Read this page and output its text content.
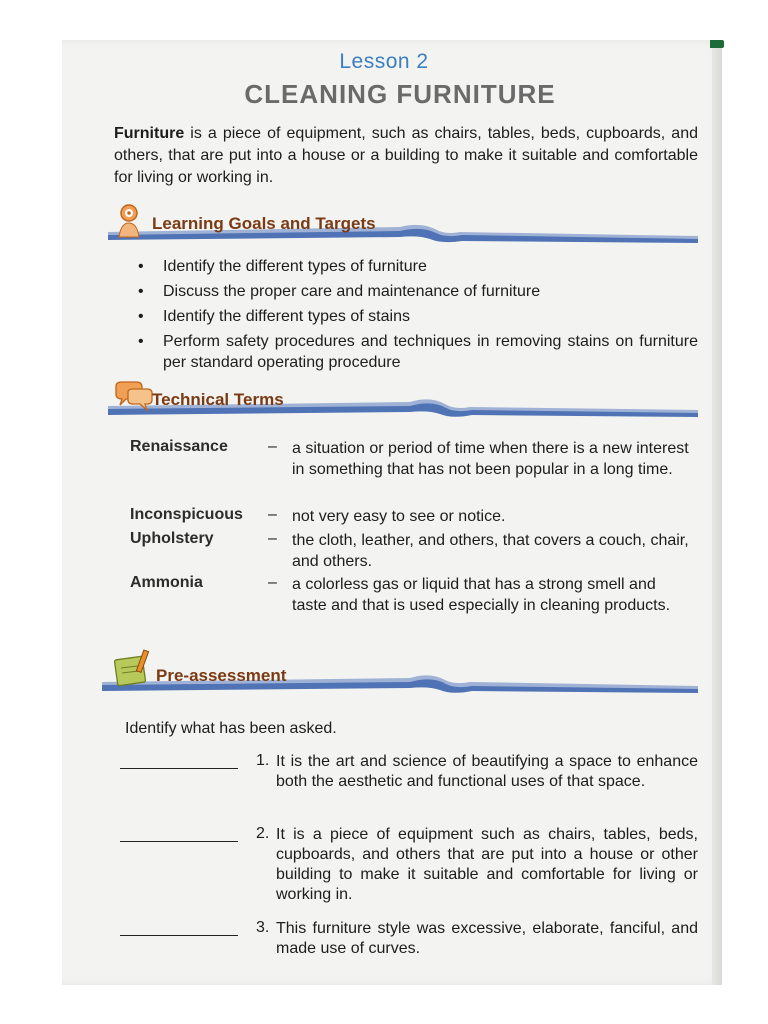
Lesson 2
CLEANING FURNITURE

Furniture is a piece of equipment, such as chairs, tables, beds, cupboards, and others, that are put into a house or a building to make it suitable and comfortable for living or working in.

Learning Goals and Targets
• Identify the different types of furniture
• Discuss the proper care and maintenance of furniture
• Identify the different types of stains
• Perform safety procedures and techniques in removing stains on furniture per standard operating procedure
Technical Terms
Renaissance	– a situation or period of time when there is a new interest in something that has not been popular in a long time.
Inconspicuous – not very easy to see or notice.
Upholstery	– the cloth, leather, and others, that covers a couch, chair, and others.
Ammonia	– a colorless gas or liquid that has a strong smell and taste and that is used especially in cleaning products.
Pre-assessment
Identify what has been asked.
1. It is the art and science of beautifying a space to enhance both the aesthetic and functional uses of that space.
2. It is a piece of equipment such as chairs, tables, beds, cupboards, and others that are put into a house or other building to make it suitable and comfortable for living or working in.
3. This furniture style was excessive, elaborate, fanciful, and made use of curves.
